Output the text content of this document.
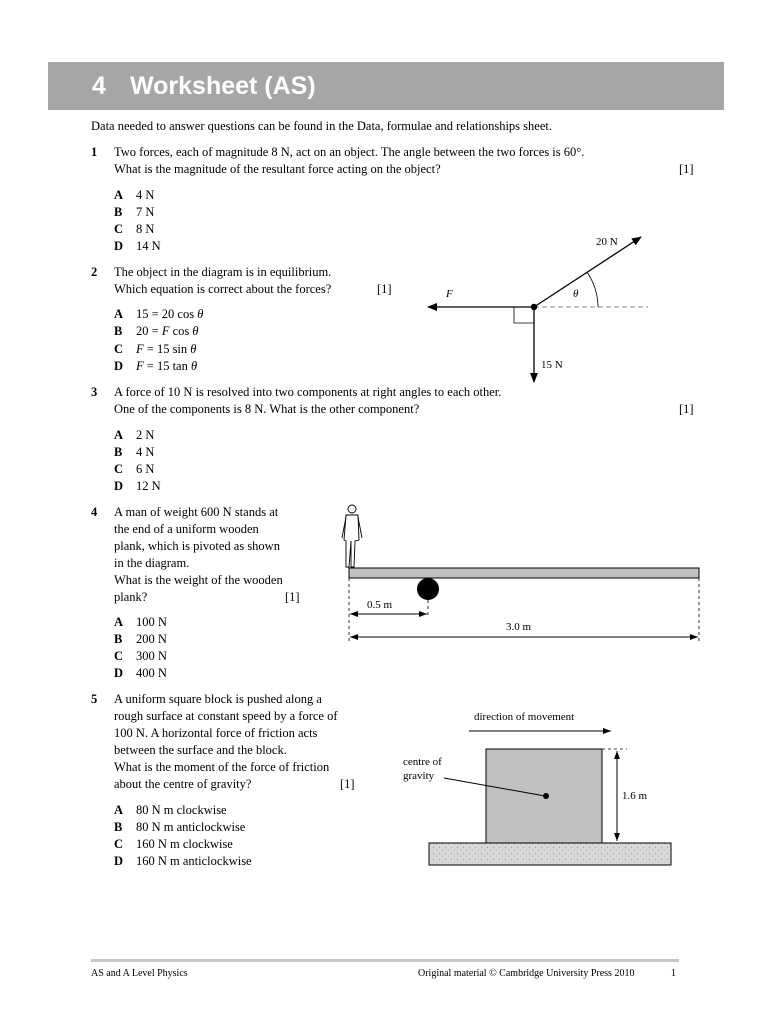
4 Worksheet (AS)
Data needed to answer questions can be found in the Data, formulae and relationships sheet.
1	Two forces, each of magnitude 8 N, act on an object. The angle between the two forces is 60°.
What is the magnitude of the resultant force acting on the object?	[1]
A 4 N
B 7 N
C 8 N
D 14 N
2	The object in the diagram is in equilibrium.
Which equation is correct about the forces?	[1]
A 15 = 20 cos θ
B 20 = F cos θ
C F = 15 sin θ
D F = 15 tan θ
20 N
F	θ
15 N
3	A force of 10 N is resolved into two components at right angles to each other.
One of the components is 8 N. What is the other component?	[1]
A 2 N
B 4 N
C 6 N
D 12 N
4	A man of weight 600 N stands at
the end of a uniform wooden
plank, which is pivoted as shown
in the diagram.
What is the weight of the wooden
plank?	[1]
A 100 N
B 200 N
C 300 N
D 400 N
0.5 m
3.0 m
5	A uniform square block is pushed along a
rough surface at constant speed by a force of
100 N. A horizontal force of friction acts
between the surface and the block.
What is the moment of the force of friction
about the centre of gravity?	[1]
A 80 N m clockwise
B 80 N m anticlockwise
C 160 N m clockwise
D 160 N m anticlockwise
direction of movement
1.6 m
centre of
gravity
AS and A Level Physics	Original material © Cambridge University Press 2010	1
